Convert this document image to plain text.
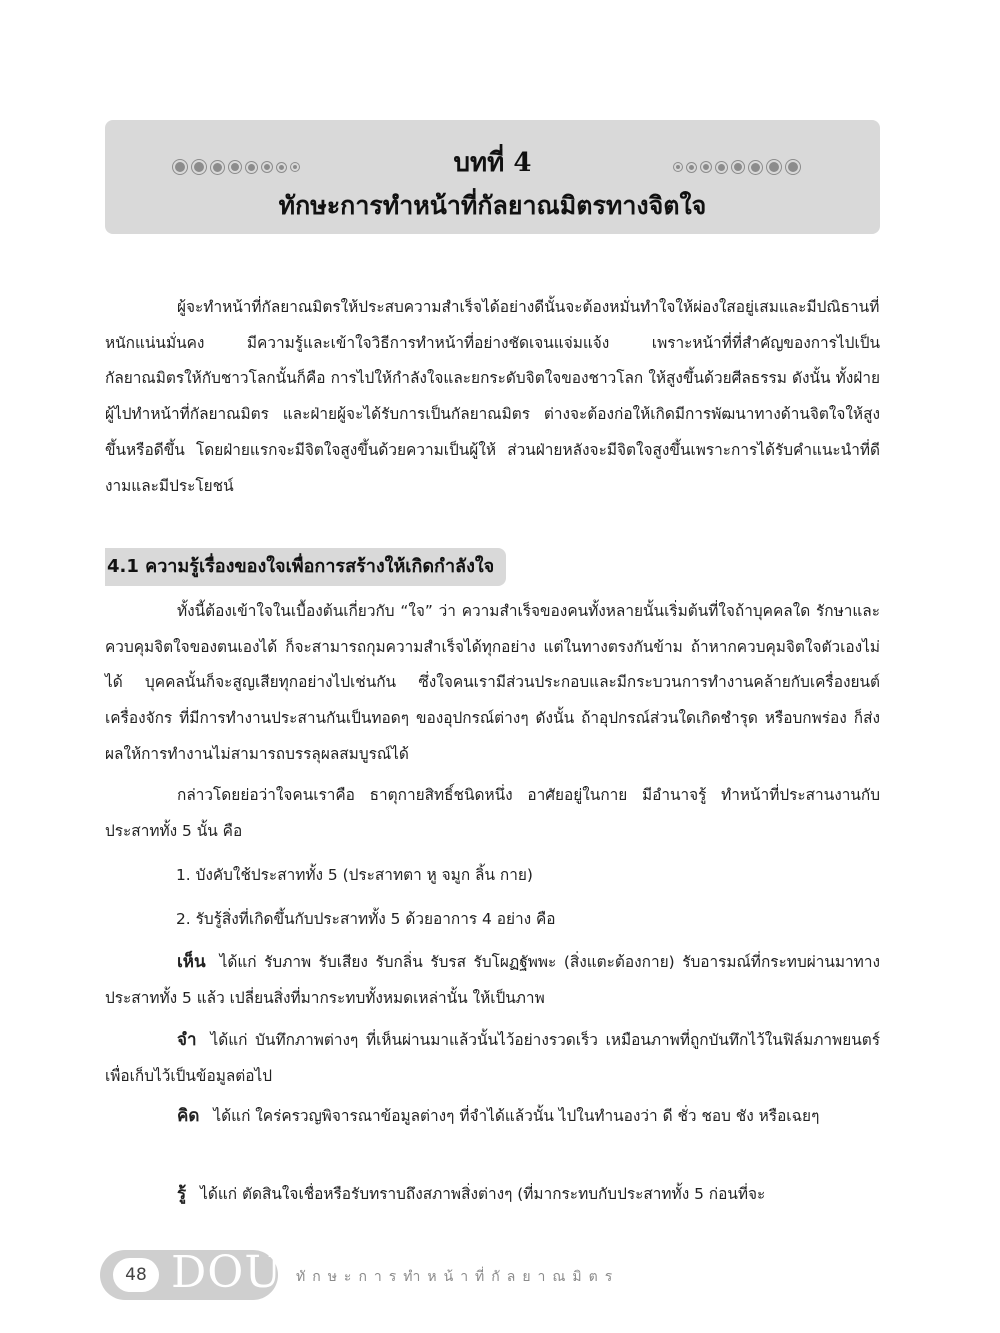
บทที่ 4
ทักษะการทำหน้าที่กัลยาณมิตรทางจิตใจ

ผู้จะทำหน้าที่กัลยาณมิตรให้ประสบความสำเร็จได้อย่างดีนั้นจะต้องหมั่นทำใจให้ผ่องใสอยู่เสมและมีปณิธานที่หนักแน่นมั่นคง มีความรู้และเข้าใจวิธีการทำหน้าที่อย่างชัดเจนแจ่มแจ้ง เพราะหน้าที่ที่สำคัญของการไปเป็นกัลยาณมิตรให้กับชาวโลกนั้นก็คือ การไปให้กำลังใจและยกระดับจิตใจของชาวโลก ให้สูงขึ้นด้วยศีลธรรม ดังนั้น ทั้งฝ่ายผู้ไปทำหน้าที่กัลยาณมิตร และฝ่ายผู้จะได้รับการเป็นกัลยาณมิตร ต่างจะต้องก่อให้เกิดมีการพัฒนาทางด้านจิตใจให้สูงขึ้นหรือดีขึ้น โดยฝ่ายแรกจะมีจิตใจสูงขึ้นด้วยความเป็นผู้ให้ ส่วนฝ่ายหลังจะมีจิตใจสูงขึ้นเพราะการได้รับคำแนะนำที่ดีงามและมีประโยชน์

4.1 ความรู้เรื่องของใจเพื่อการสร้างให้เกิดกำลังใจ

ทั้งนี้ต้องเข้าใจในเบื้องต้นเกี่ยวกับ “ใจ” ว่า ความสำเร็จของคนทั้งหลายนั้นเริ่มต้นที่ใจถ้าบุคคลใด รักษาและควบคุมจิตใจของตนเองได้ ก็จะสามารถกุมความสำเร็จได้ทุกอย่าง แต่ในทางตรงกันข้าม ถ้าหากควบคุมจิตใจตัวเองไม่ได้ บุคคลนั้นก็จะสูญเสียทุกอย่างไปเช่นกัน ซึ่งใจคนเรามีส่วนประกอบและมีกระบวนการทำงานคล้ายกับเครื่องยนต์เครื่องจักร ที่มีการทำงานประสานกันเป็นทอดๆ ของอุปกรณ์ต่างๆ ดังนั้น ถ้าอุปกรณ์ส่วนใดเกิดชำรุด หรือบกพร่อง ก็ส่งผลให้การทำงานไม่สามารถบรรลุผลสมบูรณ์ได้

กล่าวโดยย่อว่าใจคนเราคือ ธาตุกายสิทธิ์ชนิดหนึ่ง อาศัยอยู่ในกาย มีอำนาจรู้ ทำหน้าที่ประสานงานกับประสาททั้ง 5 นั้น คือ

1. บังคับใช้ประสาททั้ง 5 (ประสาทตา หู จมูก ลิ้น กาย)
2. รับรู้สิ่งที่เกิดขึ้นกับประสาททั้ง 5 ด้วยอาการ 4 อย่าง คือ

เห็น ได้แก่ รับภาพ รับเสียง รับกลิ่น รับรส รับโผฏฐัพพะ (สิ่งแตะต้องกาย) รับอารมณ์ที่กระทบผ่านมาทางประสาททั้ง 5 แล้ว เปลี่ยนสิ่งที่มากระทบทั้งหมดเหล่านั้น ให้เป็นภาพ

จำ ได้แก่ บันทึกภาพต่างๆ ที่เห็นผ่านมาแล้วนั้นไว้อย่างรวดเร็ว เหมือนภาพที่ถูกบันทึกไว้ในฟิล์มภาพยนตร์ เพื่อเก็บไว้เป็นข้อมูลต่อไป

คิด ได้แก่ ใคร่ครวญพิจารณาข้อมูลต่างๆ ที่จำได้แล้วนั้น ไปในทำนองว่า ดี ชั่ว ชอบ ชัง หรือเฉยๆ

รู้ ได้แก่ ตัดสินใจเชื่อหรือรับทราบถึงสภาพสิ่งต่างๆ (ที่มากระทบกับประสาททั้ง 5 ก่อนที่จะ

48 DOU ทักษะการทำหน้าที่กัลยาณมิตร
